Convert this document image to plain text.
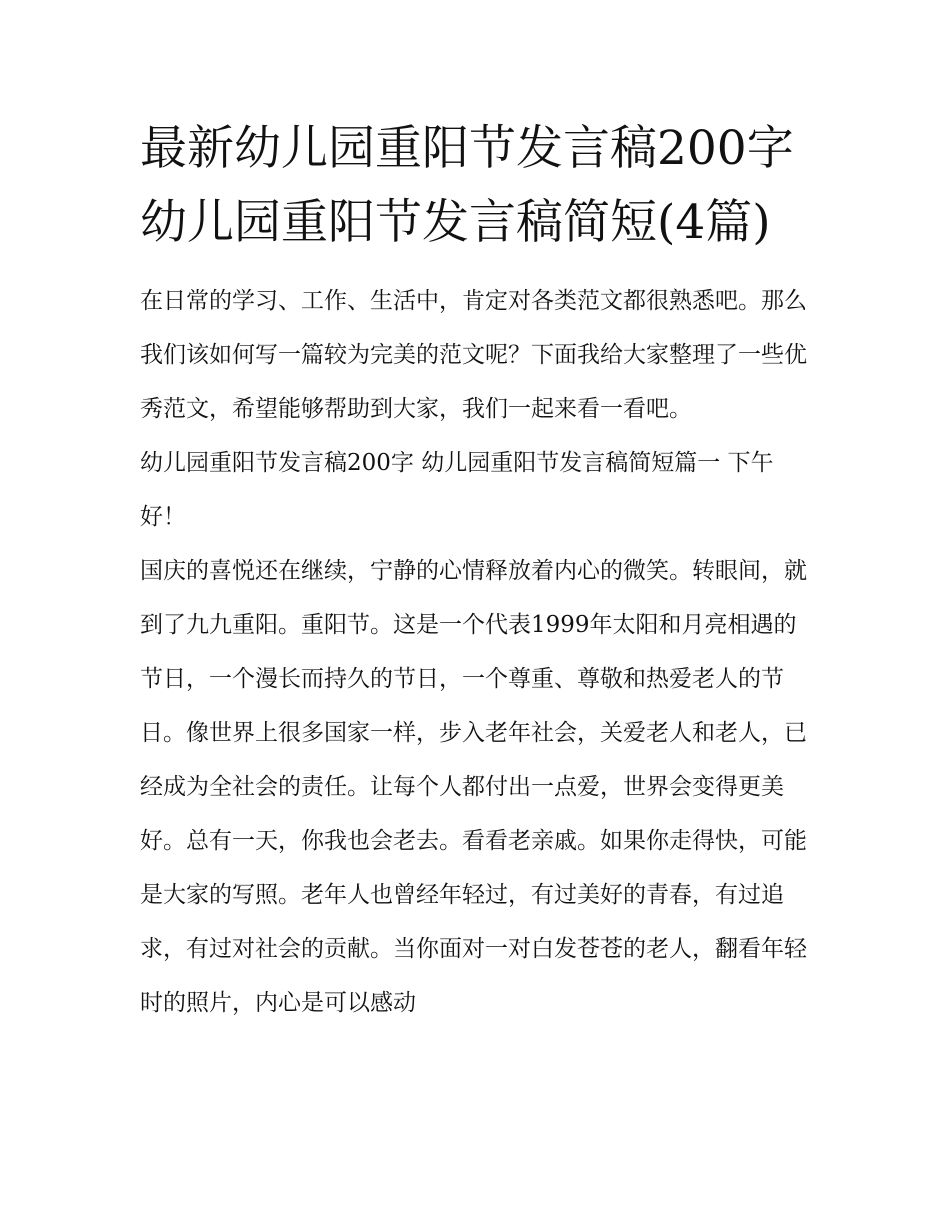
最新幼儿园重阳节发言稿200字 幼儿园重阳节发言稿简短(4篇)

在日常的学习、工作、生活中，肯定对各类范文都很熟悉吧。那么我们该如何写一篇较为完美的范文呢？下面我给大家整理了一些优秀范文，希望能够帮助到大家，我们一起来看一看吧。

幼儿园重阳节发言稿200字 幼儿园重阳节发言稿简短篇一 下午好！

国庆的喜悦还在继续，宁静的心情释放着内心的微笑。转眼间，就到了九九重阳。重阳节。这是一个代表1999年太阳和月亮相遇的节日，一个漫长而持久的节日，一个尊重、尊敬和热爱老人的节日。像世界上很多国家一样，步入老年社会，关爱老人和老人，已经成为全社会的责任。让每个人都付出一点爱，世界会变得更美好。总有一天，你我也会老去。看看老亲戚。如果你走得快，可能是大家的写照。老年人也曾经年轻过，有过美好的青春，有过追求，有过对社会的贡献。当你面对一对白发苍苍的老人，翻看年轻时的照片，内心是可以感动
